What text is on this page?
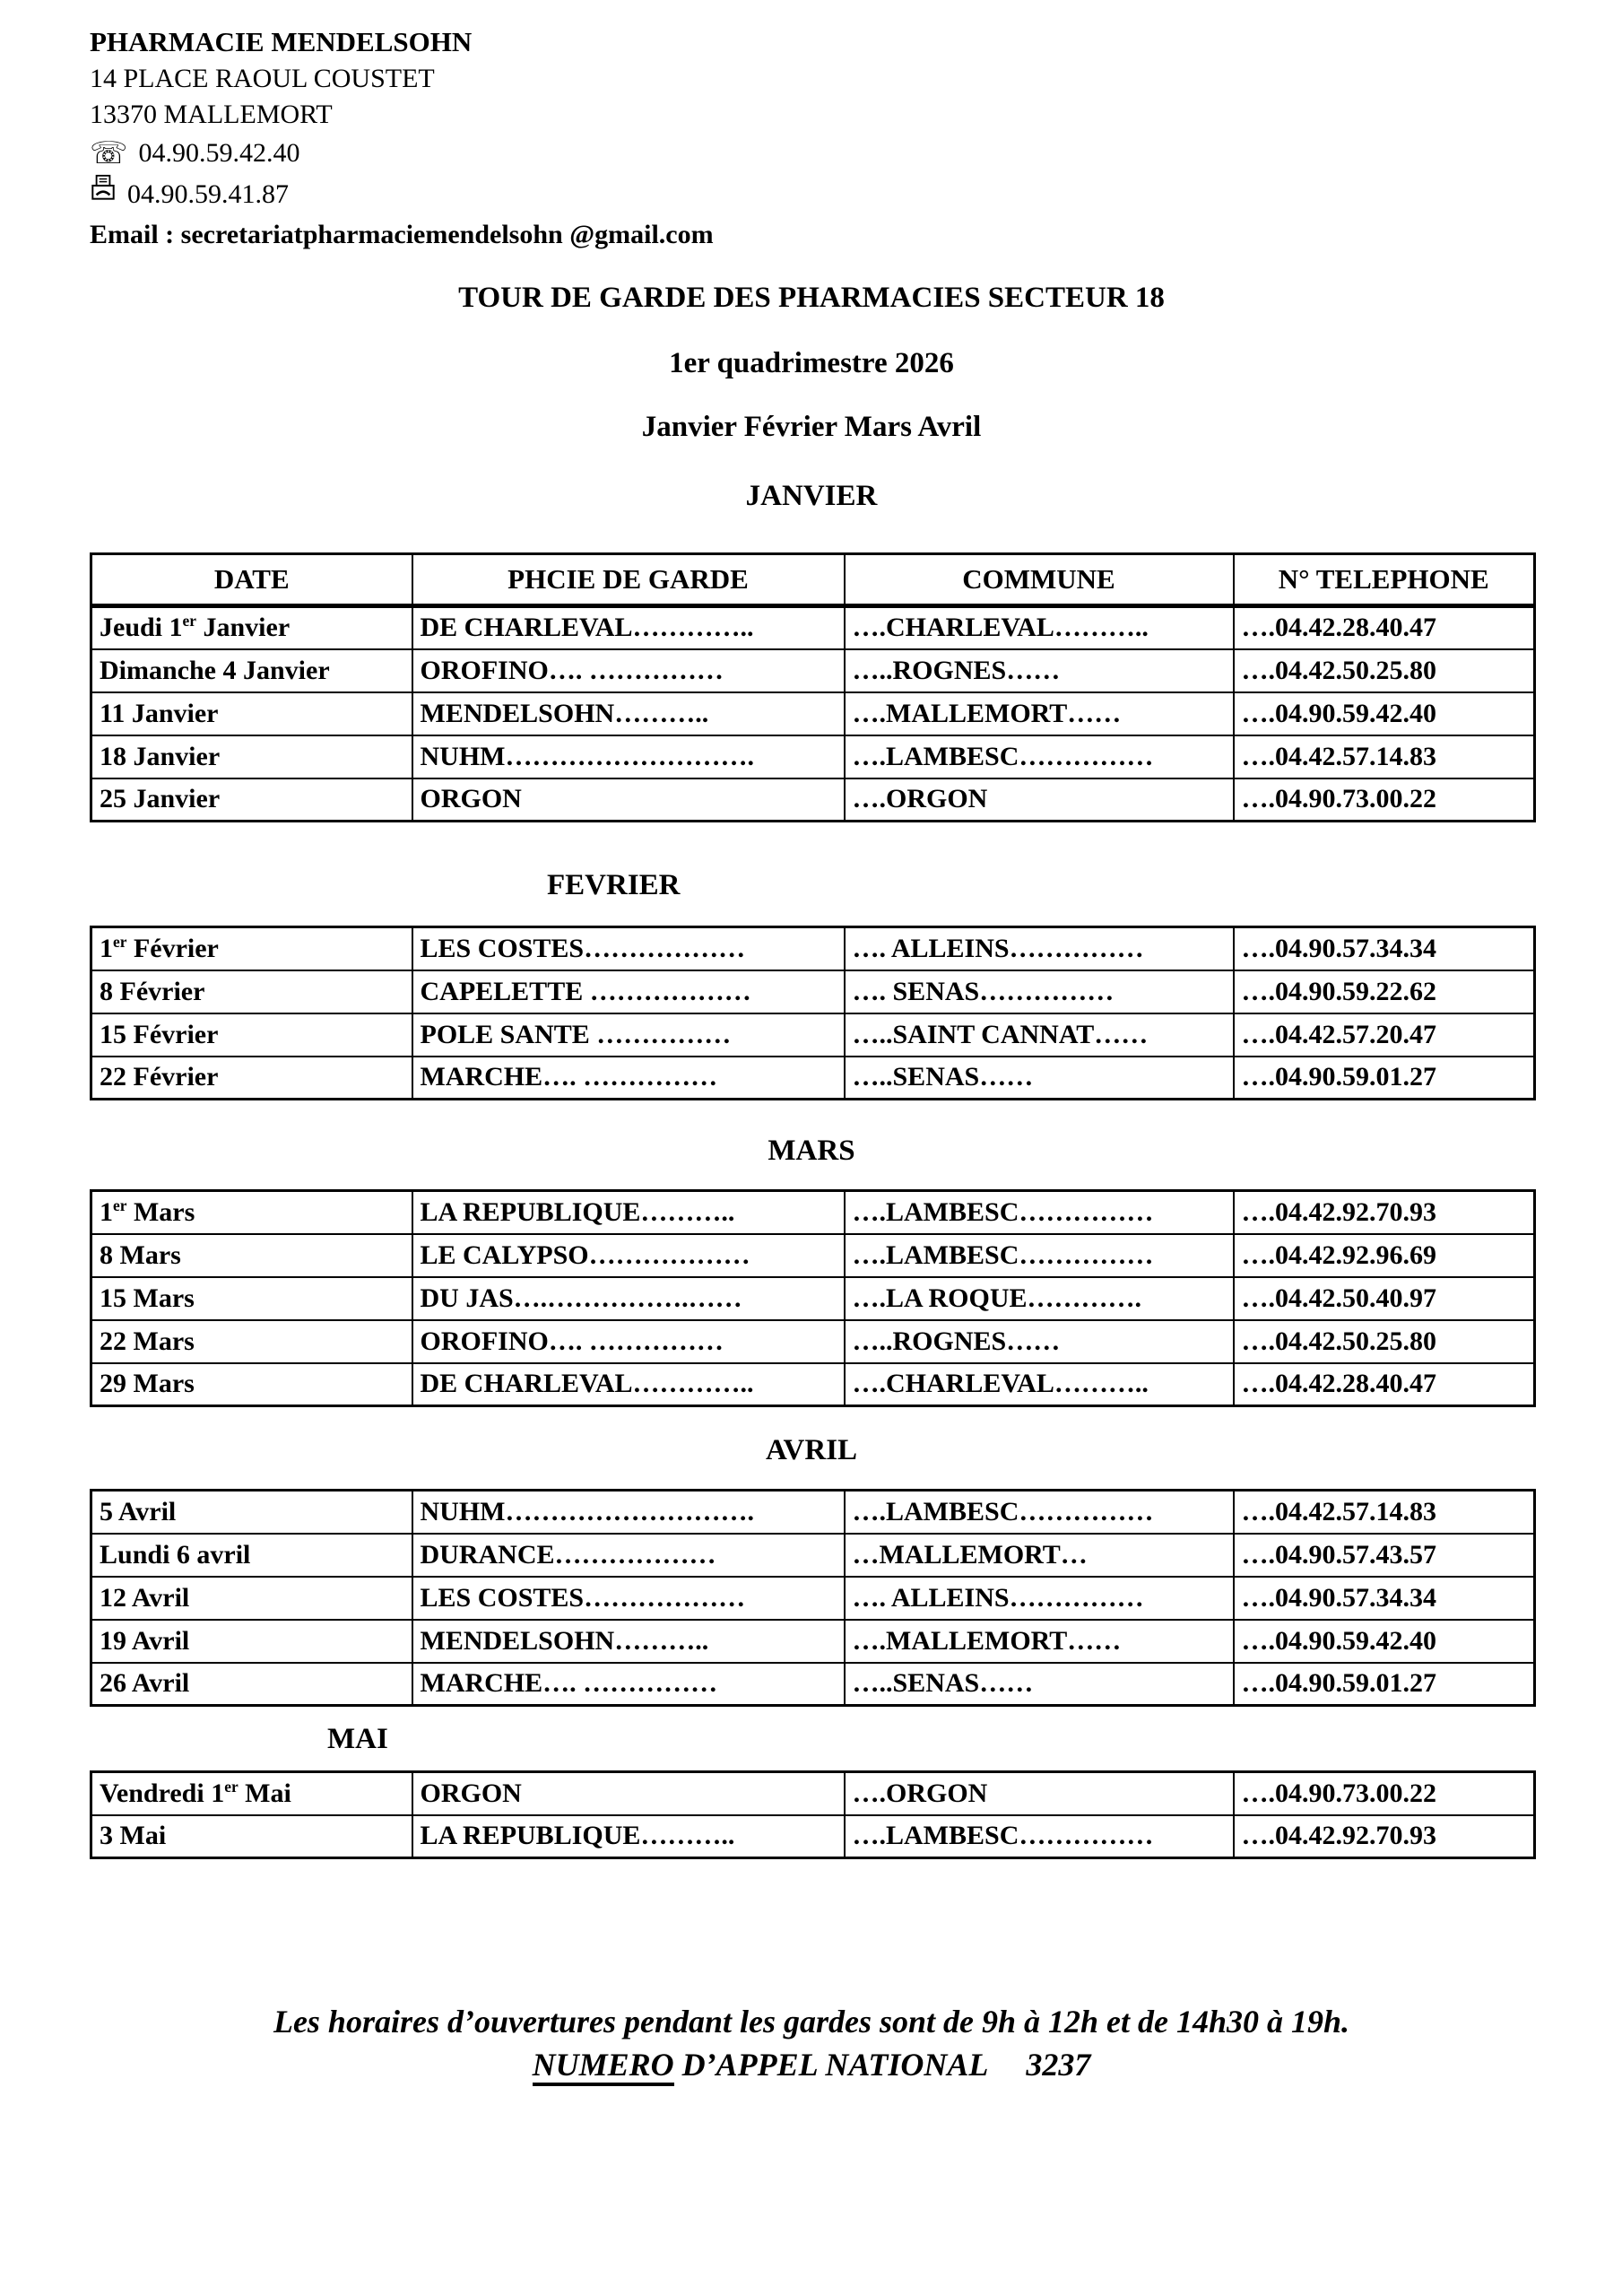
PHARMACIE MENDELSOHN
14 PLACE RAOUL COUSTET
13370 MALLEMORT
☏ 04.90.59.42.40
04.90.59.41.87
Email : secretariatpharmaciemendelsohn @gmail.com
TOUR DE GARDE DES PHARMACIES SECTEUR 18
1er quadrimestre 2026
Janvier Février Mars Avril
JANVIER
DATE	PHCIE DE GARDE	COMMUNE	N° TELEPHONE
Jeudi 1er Janvier	DE CHARLEVAL…………..	….CHARLEVAL………..	….04.42.28.40.47
Dimanche 4 Janvier	OROFINO…. ……………	…..ROGNES……	….04.42.50.25.80
11 Janvier	MENDELSOHN………..	….MALLEMORT……	….04.90.59.42.40
18 Janvier	NUHM……………………….	….LAMBESC……………	….04.42.57.14.83
25 Janvier	ORGON	….ORGON	….04.90.73.00.22
FEVRIER
1er Février	LES COSTES………………	…. ALLEINS……………	….04.90.57.34.34
8 Février	CAPELETTE ………………	…. SENAS……………	….04.90.59.22.62
15 Février	POLE SANTE ……………	…..SAINT CANNAT……	….04.42.57.20.47
22 Février	MARCHE…. ……………	…..SENAS……	….04.90.59.01.27
MARS
1er Mars	LA REPUBLIQUE………..	….LAMBESC……………	….04.42.92.70.93
8 Mars	LE CALYPSO………………	….LAMBESC……………	….04.42.92.96.69
15 Mars	DU JAS….…………….……	….LA ROQUE………….	….04.42.50.40.97
22 Mars	OROFINO…. ……………	…..ROGNES……	….04.42.50.25.80
29 Mars	DE CHARLEVAL…………..	….CHARLEVAL………..	….04.42.28.40.47
AVRIL
5 Avril	NUHM……………………….	….LAMBESC……………	….04.42.57.14.83
Lundi 6 avril	DURANCE………………	…MALLEMORT…	….04.90.57.43.57
12 Avril	LES COSTES………………	…. ALLEINS……………	….04.90.57.34.34
19 Avril	MENDELSOHN………..	….MALLEMORT……	….04.90.59.42.40
26 Avril	MARCHE…. ……………	…..SENAS……	….04.90.59.01.27
MAI
Vendredi 1er Mai	ORGON	….ORGON	….04.90.73.00.22
3 Mai	LA REPUBLIQUE………..	….LAMBESC……………	….04.42.92.70.93
Les horaires d’ouvertures pendant les gardes sont de 9h à 12h et de 14h30 à 19h.
NUMERO D’APPEL NATIONAL 3237
